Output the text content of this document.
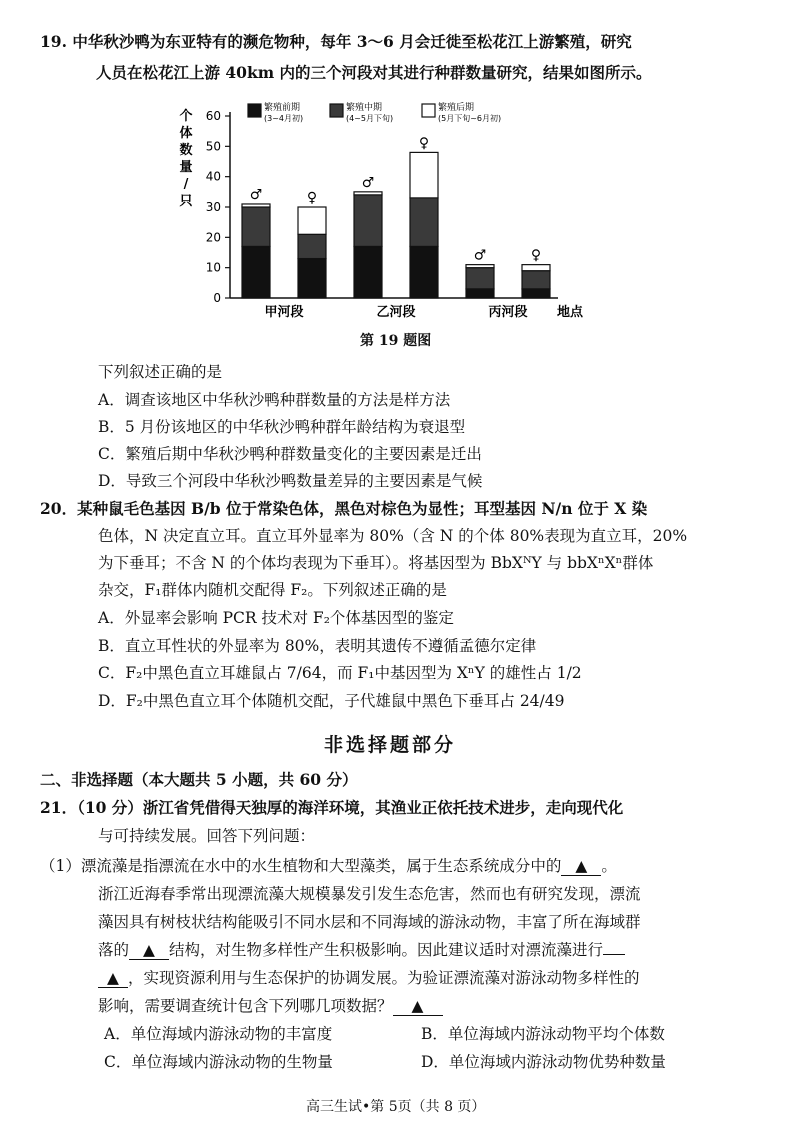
19. 中华秋沙鸭为东亚特有的濒危物种，每年 3～6 月会迁徙至松花江上游繁殖，研究
人员在松花江上游 40km 内的三个河段对其进行种群数量研究，结果如图所示。
0
10
20
30
40
50
60
个
体
数
量
/
只	♂	♀
♂
♀
♂	♀
甲河段	乙河段	丙河段 地点
繁殖前期
(3~4月初)
繁殖中期
(4~5月下旬)
繁殖后期
(5月下旬~6月初)
第 19 题图
下列叙述正确的是
A．调查该地区中华秋沙鸭种群数量的方法是样方法
B．5 月份该地区的中华秋沙鸭种群年龄结构为衰退型
C．繁殖后期中华秋沙鸭种群数量变化的主要因素是迁出
D．导致三个河段中华秋沙鸭数量差异的主要因素是气候
20．某种鼠毛色基因 B/b 位于常染色体，黑色对棕色为显性；耳型基因 N/n 位于 X 染
色体，N 决定直立耳。直立耳外显率为 80%（含 N 的个体 80%表现为直立耳，20%
为下垂耳；不含 N 的个体均表现为下垂耳）。将基因型为 BbXᴺY 与 bbXⁿXⁿ群体
杂交，F₁群体内随机交配得 F₂。下列叙述正确的是
A．外显率会影响 PCR 技术对 F₂个体基因型的鉴定
B．直立耳性状的外显率为 80%，表明其遗传不遵循孟德尔定律
C．F₂中黑色直立耳雄鼠占 7/64，而 F₁中基因型为 XⁿY 的雄性占 1/2
D．F₂中黑色直立耳个体随机交配，子代雄鼠中黑色下垂耳占 24/49
非选择题部分
二、非选择题（本大题共 5 小题，共 60 分）
21．（10 分）浙江省凭借得天独厚的海洋环境，其渔业正依托技术进步，走向现代化
与可持续发展。回答下列问题：
（1）漂流藻是指漂流在水中的水生植物和大型藻类，属于生态系统成分中的 ▲ 。
浙江近海春季常出现漂流藻大规模暴发引发生态危害，然而也有研究发现，漂流
藻因具有树枝状结构能吸引不同水层和不同海域的游泳动物，丰富了所在海域群
落的 ▲ 结构，对生物多样性产生积极影响。因此建议适时对漂流藻进行
▲ ，实现资源利用与生态保护的协调发展。为验证漂流藻对游泳动物多样性的
影响，需要调查统计包含下列哪几项数据？ ▲
A．单位海域内游泳动物的丰富度	B．单位海域内游泳动物平均个体数
C．单位海域内游泳动物的生物量	D．单位海域内游泳动物优势种数量
高三生试•第 5页（共 8 页）
